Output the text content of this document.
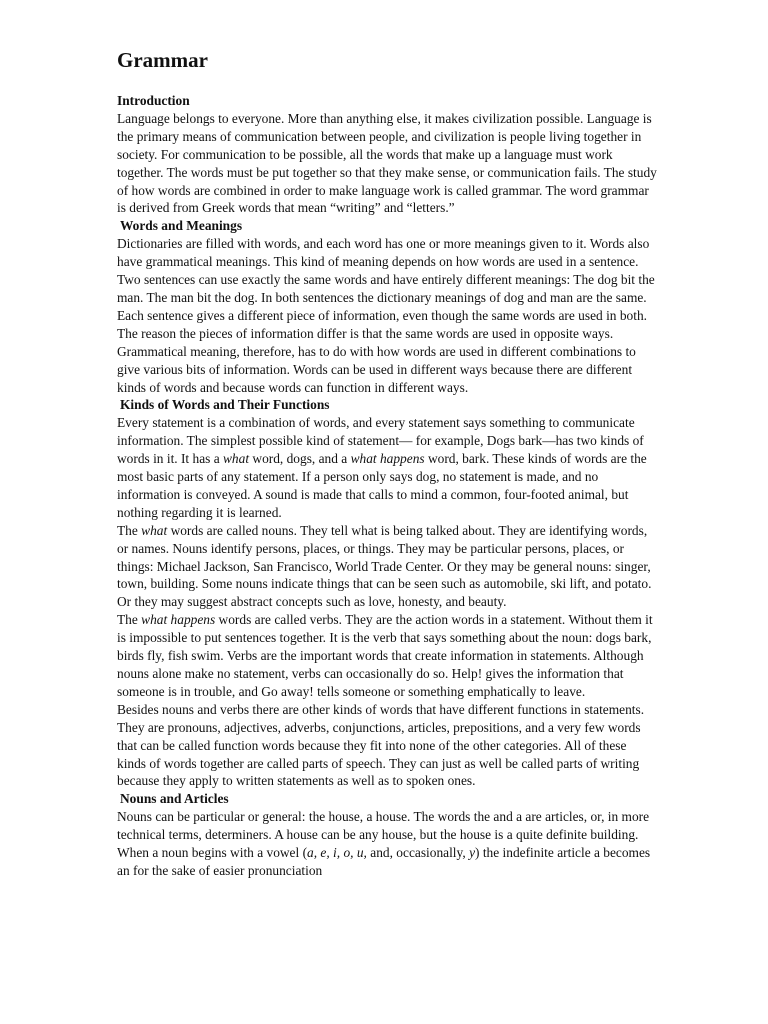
Grammar
Introduction

Language belongs to everyone. More than anything else, it makes civilization possible. Language is the primary means of communication between people, and civilization is people living together in society. For communication to be possible, all the words that make up a language must work together. The words must be put together so that they make sense, or communication fails. The study of how words are combined in order to make language work is called grammar. The word grammar is derived from Greek words that mean “writing” and “letters.”

Words and Meanings

Dictionaries are filled with words, and each word has one or more meanings given to it. Words also have grammatical meanings. This kind of meaning depends on how words are used in a sentence. Two sentences can use exactly the same words and have entirely different meanings: The dog bit the man. The man bit the dog. In both sentences the dictionary meanings of dog and man are the same. Each sentence gives a different piece of information, even though the same words are used in both. The reason the pieces of information differ is that the same words are used in opposite ways. Grammatical meaning, therefore, has to do with how words are used in different combinations to give various bits of information. Words can be used in different ways because there are different kinds of words and because words can function in different ways.

Kinds of Words and Their Functions

Every statement is a combination of words, and every statement says something to communicate information. The simplest possible kind of statement— for example, Dogs bark—has two kinds of words in it. It has a what word, dogs, and a what happens word, bark. These kinds of words are the most basic parts of any statement. If a person only says dog, no statement is made, and no information is conveyed. A sound is made that calls to mind a common, four-footed animal, but nothing regarding it is learned.

The what words are called nouns. They tell what is being talked about. They are identifying words, or names. Nouns identify persons, places, or things. They may be particular persons, places, or things: Michael Jackson, San Francisco, World Trade Center. Or they may be general nouns: singer, town, building. Some nouns indicate things that can be seen such as automobile, ski lift, and potato. Or they may suggest abstract concepts such as love, honesty, and beauty.

The what happens words are called verbs. They are the action words in a statement. Without them it is impossible to put sentences together. It is the verb that says something about the noun: dogs bark, birds fly, fish swim. Verbs are the important words that create information in statements. Although nouns alone make no statement, verbs can occasionally do so. Help! gives the information that someone is in trouble, and Go away! tells someone or something emphatically to leave.

Besides nouns and verbs there are other kinds of words that have different functions in statements. They are pronouns, adjectives, adverbs, conjunctions, articles, prepositions, and a very few words that can be called function words because they fit into none of the other categories. All of these kinds of words together are called parts of speech. They can just as well be called parts of writing because they apply to written statements as well as to spoken ones.

Nouns and Articles

Nouns can be particular or general: the house, a house. The words the and a are articles, or, in more technical terms, determiners. A house can be any house, but the house is a quite definite building. When a noun begins with a vowel (a, e, i, o, u, and, occasionally, y) the indefinite article a becomes an for the sake of easier pronunciation
